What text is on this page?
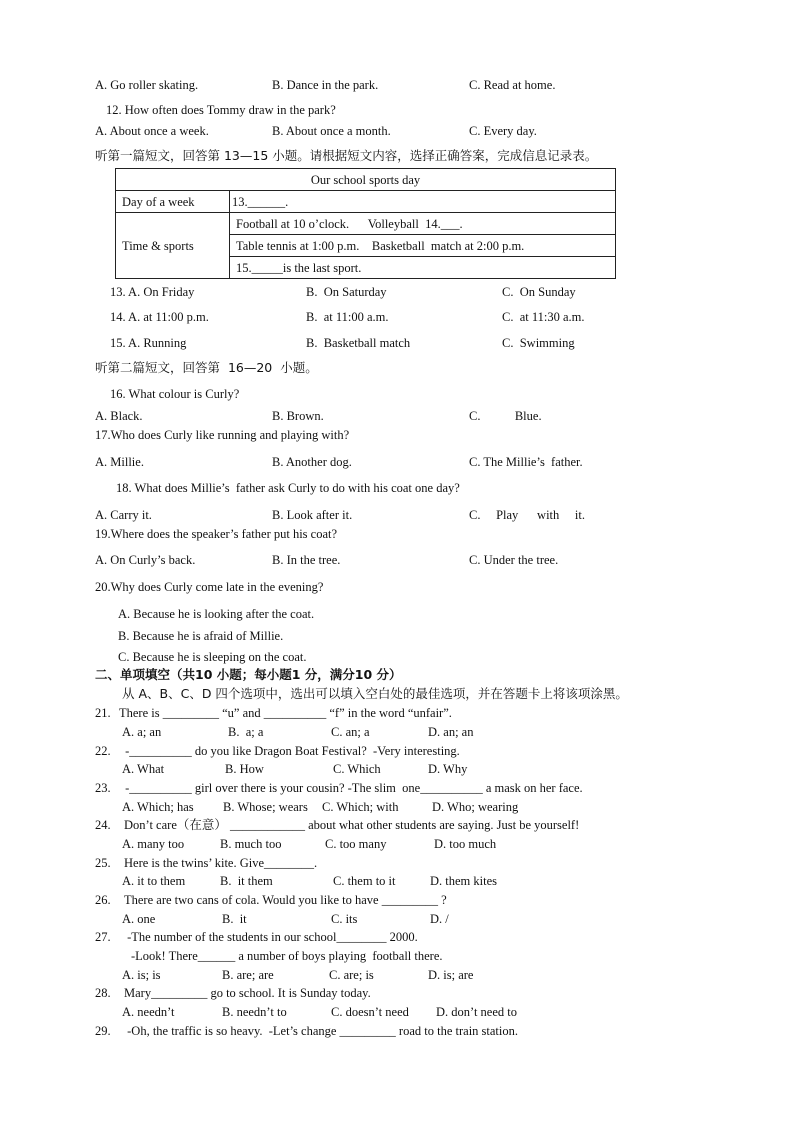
A. Go roller skating.	B. Dance in the park.	C. Read at home.
12. How often does Tommy draw in the park?
A. About once a week.	B. About once a month.	C. Every day.
听第一篇短文，回答第 13—15 小题。请根据短文内容，选择正确答案，完成信息记录表。
Our school sports day	
Day of a week	13.______.
Time & sports	Football at 10 o’clock.      Volleyball  14.___.
	Table tennis at 1:00 p.m.    Basketball  match at 2:00 p.m.
	15._____is the last sport.
13. A. On Friday	B.  On Saturday	C.  On Sunday
14. A. at 11:00 p.m.	B.  at 11:00 a.m.	C.  at 11:30 a.m.
15. A. Running	B.  Basketball match	C.  Swimming
听第二篇短文，回答第  16—20  小题。
16. What colour is Curly?
A. Black.	B. Brown.	C.           Blue.
17.Who does Curly like running and playing with?
A. Millie.	B. Another dog.	C. The Millie’s  father.
18. What does Millie’s  father ask Curly to do with his coat one day?
A. Carry it.	B. Look after it.	C.     Play      with     it.
19.Where does the speaker’s father put his coat?
A. On Curly’s back.	B. In the tree.	C. Under the tree.
20.Why does Curly come late in the evening?
A. Because he is looking after the coat.
B. Because he is afraid of Millie.
C. Because he is sleeping on the coat.
二、单项填空（共10 小题；每小题1 分，满分10 分）
从 A、B、C、D 四个选项中，选出可以填入空白处的最佳选项，并在答题卡上将该项涂黑。
21. There is _________ “u” and __________ “f” in the word “unfair”.
A. a; an	B.  a; a	C. an; a	D. an; an
22. -__________ do you like Dragon Boat Festival?  -Very interesting.
A. What	B. How	C. Which	D. Why
23. -__________ girl over there is your cousin? -The slim  one__________ a mask on her face.
A. Which; has B. Whose; wears C. Which; with	D. Who; wearing
24. Don’t care（在意） ____________ about what other students are saying. Just be yourself!
A. many too	B. much too	C. too many	D. too much
25. Here is the twins’ kite. Give________.
A. it to them	B.  it them	C. them to it	D. them kites
26. There are two cans of cola. Would you like to have _________ ?
A. one	B.  it	C. its	D. /
27. -The number of the students in our school________ 2000.
-Look! There______ a number of boys playing  football there.
A. is; is	B. are; are	C. are; is	D. is; are
28. Mary_________ go to school. It is Sunday today.
A. needn’t	B. needn’t to	C. doesn’t need D. don’t need to
29. -Oh, the traffic is so heavy.  -Let’s change _________ road to the train station.
